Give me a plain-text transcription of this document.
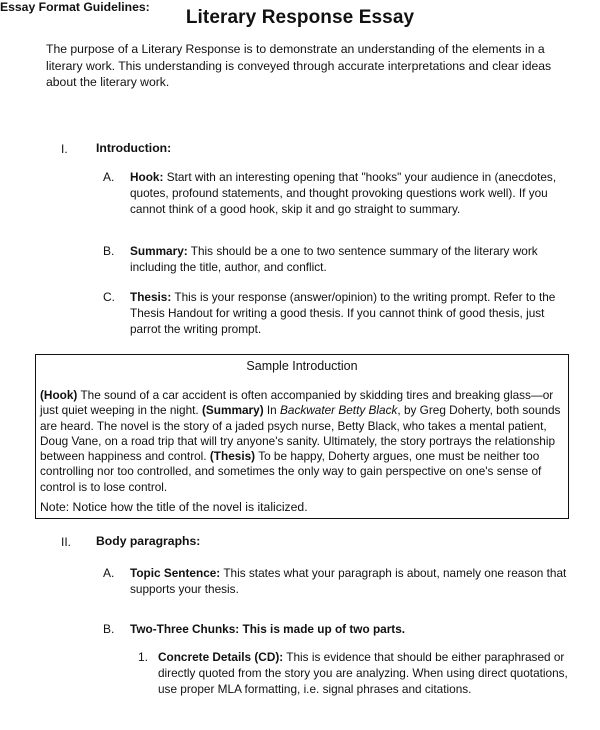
Literary Response Essay
The purpose of a Literary Response is to demonstrate an understanding of the elements in a literary work. This understanding is conveyed through accurate interpretations and clear ideas about the literary work.
Essay Format Guidelines:
I. Introduction:
A. Hook: Start with an interesting opening that "hooks" your audience in (anecdotes, quotes, profound statements, and thought provoking questions work well). If you cannot think of a good hook, skip it and go straight to summary.
B. Summary: This should be a one to two sentence summary of the literary work including the title, author, and conflict.
C. Thesis: This is your response (answer/opinion) to the writing prompt. Refer to the Thesis Handout for writing a good thesis. If you cannot think of good thesis, just parrot the writing prompt.
Sample Introduction
(Hook) The sound of a car accident is often accompanied by skidding tires and breaking glass—or just quiet weeping in the night. (Summary) In Backwater Betty Black, by Greg Doherty, both sounds are heard. The novel is the story of a jaded psych nurse, Betty Black, who takes a mental patient, Doug Vane, on a road trip that will try anyone's sanity. Ultimately, the story portrays the relationship between happiness and control. (Thesis) To be happy, Doherty argues, one must be neither too controlling nor too controlled, and sometimes the only way to gain perspective on one's sense of control is to lose control.
Note: Notice how the title of the novel is italicized.
II. Body paragraphs:
A. Topic Sentence: This states what your paragraph is about, namely one reason that supports your thesis.
B. Two-Three Chunks: This is made up of two parts.
1. Concrete Details (CD): This is evidence that should be either paraphrased or directly quoted from the story you are analyzing. When using direct quotations, use proper MLA formatting, i.e. signal phrases and citations.
